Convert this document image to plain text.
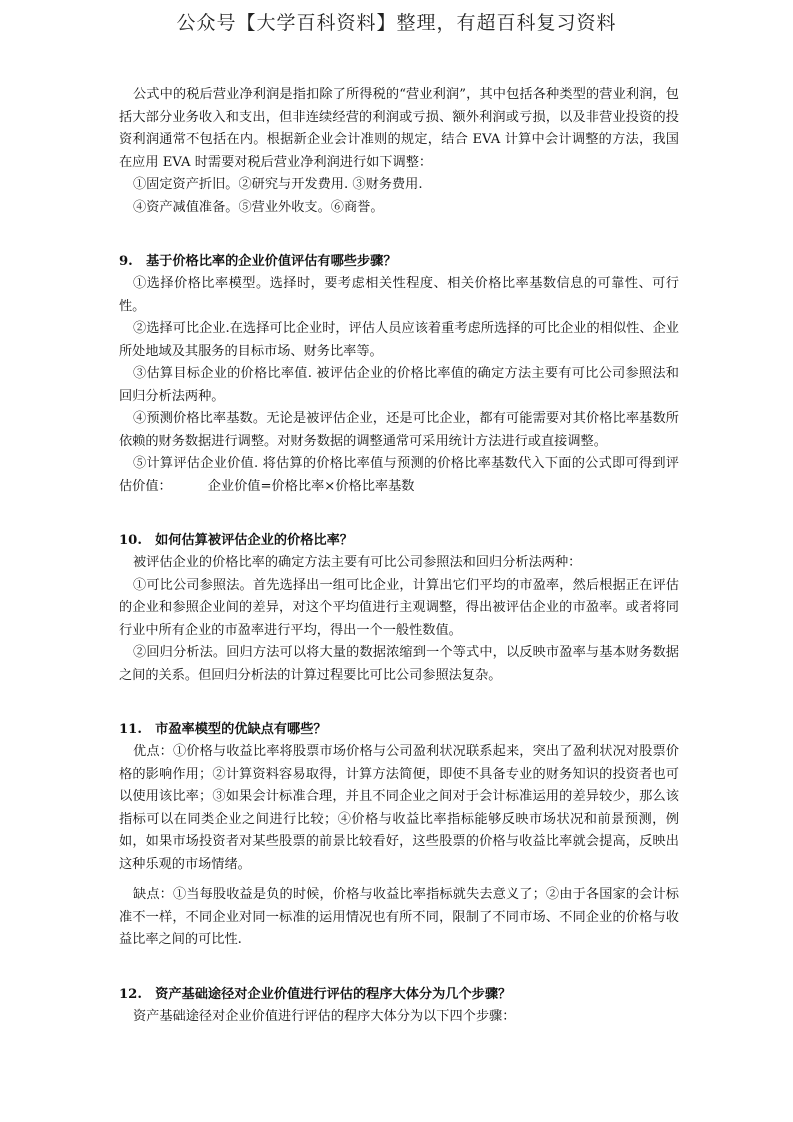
公众号【大学百科资料】整理，有超百科复习资料

公式中的税后营业净利润是指扣除了所得税的“营业利润”，其中包括各种类型的营业利润，包括大部分业务收入和支出，但非连续经营的利润或亏损、额外利润或亏损，以及非营业投资的投资利润通常不包括在内。根据新企业会计准则的规定，结合 EVA 计算中会计调整的方法，我国在应用 EVA 时需要对税后营业净利润进行如下调整：

①固定资产折旧。②研究与开发费用. ③财务费用.

④资产减值准备。⑤营业外收支。⑥商誉。

9.　基于价格比率的企业价值评估有哪些步骤？

①选择价格比率模型。选择时，要考虑相关性程度、相关价格比率基数信息的可靠性、可行性。

②选择可比企业.在选择可比企业时，评估人员应该着重考虑所选择的可比企业的相似性、企业所处地域及其服务的目标市场、财务比率等。

③估算目标企业的价格比率值. 被评估企业的价格比率值的确定方法主要有可比公司参照法和回归分析法两种。

④预测价格比率基数。无论是被评估企业，还是可比企业，都有可能需要对其价格比率基数所依赖的财务数据进行调整。对财务数据的调整通常可采用统计方法进行或直接调整。

⑤计算评估企业价值. 将估算的价格比率值与预测的价格比率基数代入下面的公式即可得到评估价值：	企业价值=价格比率×价格比率基数

10.　如何估算被评估企业的价格比率？

被评估企业的价格比率的确定方法主要有可比公司参照法和回归分析法两种：

①可比公司参照法。首先选择出一组可比企业，计算出它们平均的市盈率，然后根据正在评估的企业和参照企业间的差异，对这个平均值进行主观调整，得出被评估企业的市盈率。或者将同行业中所有企业的市盈率进行平均，得出一个一般性数值。

②回归分析法。回归方法可以将大量的数据浓缩到一个等式中，以反映市盈率与基本财务数据之间的关系。但回归分析法的计算过程要比可比公司参照法复杂。

11.　市盈率模型的优缺点有哪些？

优点：①价格与收益比率将股票市场价格与公司盈利状况联系起来，突出了盈利状况对股票价格的影响作用；②计算资料容易取得，计算方法简便，即使不具备专业的财务知识的投资者也可以使用该比率；③如果会计标准合理，并且不同企业之间对于会计标准运用的差异较少，那么该指标可以在同类企业之间进行比较；④价格与收益比率指标能够反映市场状况和前景预测，例如，如果市场投资者对某些股票的前景比较看好，这些股票的价格与收益比率就会提高，反映出这种乐观的市场情绪。

缺点：①当每股收益是负的时候，价格与收益比率指标就失去意义了；②由于各国家的会计标准不一样，不同企业对同一标准的运用情况也有所不同，限制了不同市场、不同企业的价格与收益比率之间的可比性.

12.　资产基础途径对企业价值进行评估的程序大体分为几个步骤？

资产基础途径对企业价值进行评估的程序大体分为以下四个步骤：
